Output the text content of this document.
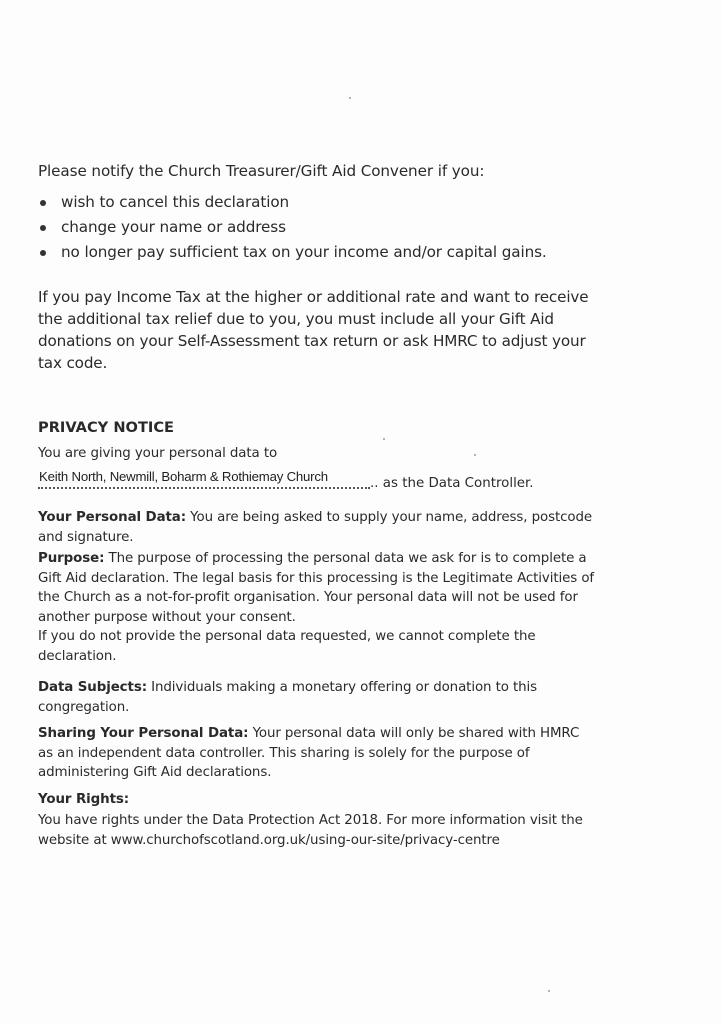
Please notify the Church Treasurer/Gift Aid Convener if you:
wish to cancel this declaration
change your name or address
no longer pay sufficient tax on your income and/or capital gains.
If you pay Income Tax at the higher or additional rate and want to receive the additional tax relief due to you, you must include all your Gift Aid donations on your Self-Assessment tax return or ask HMRC to adjust your tax code.
PRIVACY NOTICE
You are giving your personal data to
Keith North, Newmill, Boharm & Rothiemay Church	.. as the Data Controller.
Your Personal Data: You are being asked to supply your name, address, postcode and signature.
Purpose: The purpose of processing the personal data we ask for is to complete a Gift Aid declaration. The legal basis for this processing is the Legitimate Activities of the Church as a not-for-profit organisation. Your personal data will not be used for another purpose without your consent.
If you do not provide the personal data requested, we cannot complete the declaration.
Data Subjects: Individuals making a monetary offering or donation to this congregation.
Sharing Your Personal Data: Your personal data will only be shared with HMRC as an independent data controller. This sharing is solely for the purpose of administering Gift Aid declarations.
Your Rights:
You have rights under the Data Protection Act 2018. For more information visit the website at www.churchofscotland.org.uk/using-our-site/privacy-centre
